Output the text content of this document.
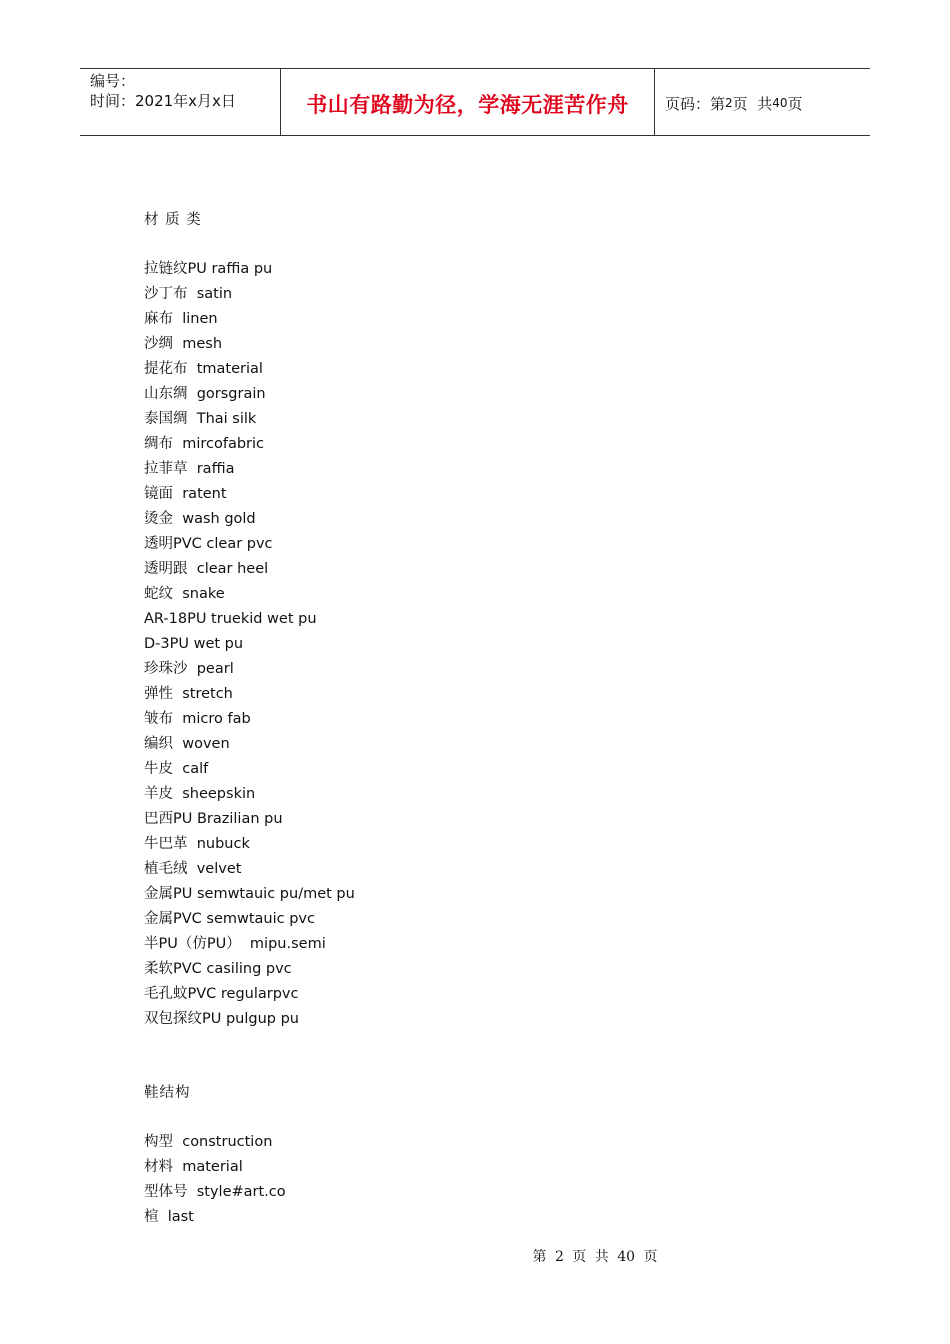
编号：
时间：2021年x月x日	书山有路勤为径，学海无涯苦作舟 页码：第 2 页  共 40 页
材 质 类
拉链纹PU raffia pu
沙丁布  satin
麻布  linen
沙绸  mesh
提花布  tmaterial
山东绸  gorsgrain
泰国绸  Thai silk
绸布  mircofabric
拉菲草  raffia
镜面  ratent
烫金  wash gold
透明PVC clear pvc
透明跟  clear heel
蛇纹  snake
AR-18PU truekid wet pu
D-3PU wet pu
珍珠沙  pearl
弹性  stretch
皱布  micro fab
编织  woven
牛皮  calf
羊皮  sheepskin
巴西PU Brazilian pu
牛巴革  nubuck
植毛绒  velvet
金属PU semwtauic pu/met pu
金属PVC semwtauic pvc
半PU（仿PU）  mipu.semi
柔软PVC casiling pvc
毛孔蚊PVC regularpvc
双包探纹PU pulgup pu
鞋结构
构型  construction
材料  material
型体号  style#art.co
楦  last
第 2 页 共 40 页
